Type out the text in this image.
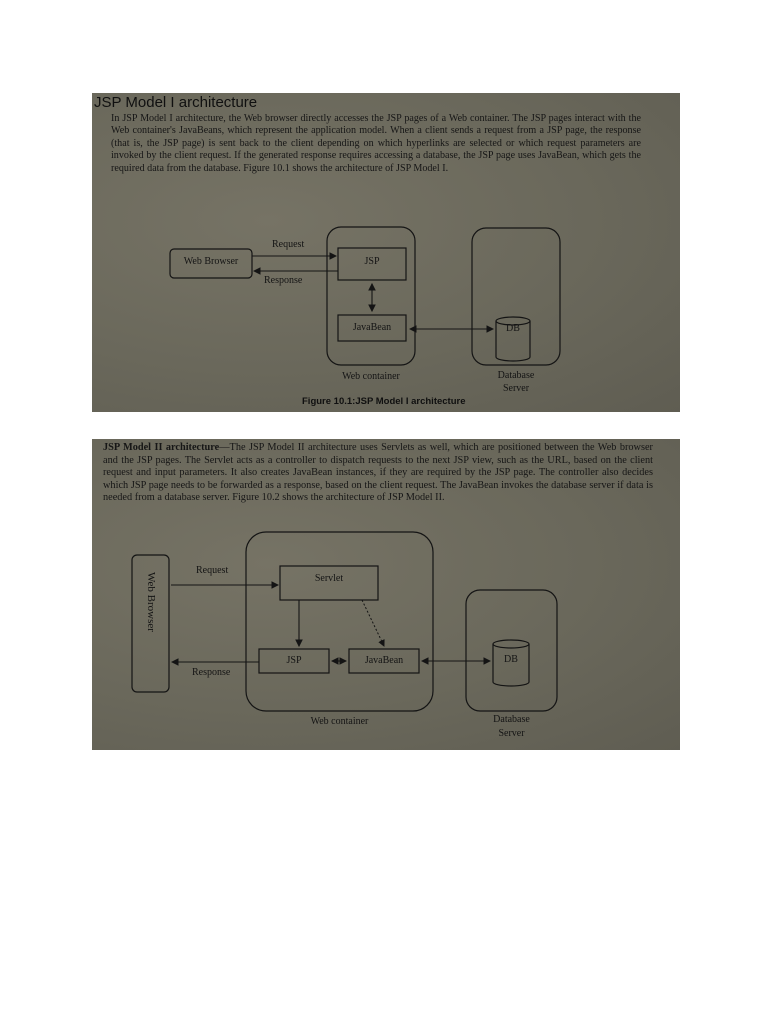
JSP Model I architecture
In JSP Model I architecture, the Web browser directly accesses the JSP pages of a Web container. The JSP pages interact with the Web container's JavaBeans, which represent the application model. When a client sends a request from a JSP page, the response (that is, the JSP page) is sent back to the client depending on which hyperlinks are selected or which request parameters are invoked by the client request. If the generated response requires accessing a database, the JSP page uses JavaBean, which gets the required data from the database. Figure 10.1 shows the architecture of JSP Model I.
Web Browser	JSP
JavaBean	DB
Request
Response
Web container	Database
Server
Figure 10.1:JSP Model I architecture
JSP Model II architecture—The JSP Model II architecture uses Servlets as well, which are positioned between the Web browser and the JSP pages. The Servlet acts as a controller to dispatch requests to the next JSP view, such as the URL, based on the client request and input parameters. It also creates JavaBean instances, if they are required by the JSP page. The controller also decides which JSP page needs to be forwarded as a response, based on the client request. The JavaBean invokes the database server if data is needed from a database server. Figure 10.2 shows the architecture of JSP Model II.
Web Browser	Servlet
JSP	JavaBean	DB
Request
Response
Web container	Database
Server
